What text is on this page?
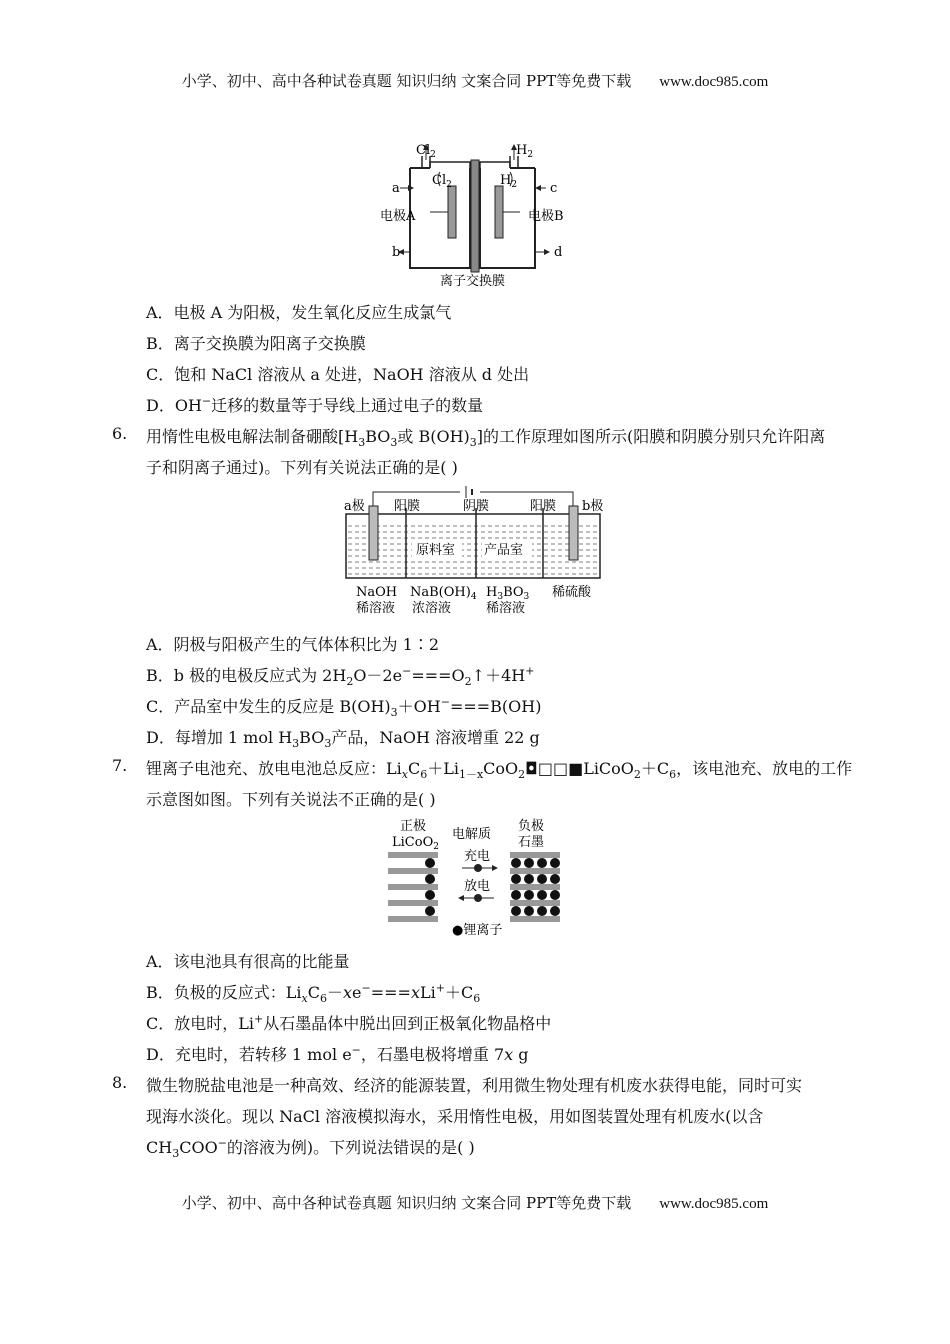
小学、初中、高中各种试卷真题 知识归纳 文案合同 PPT等免费下载 www.doc985.com
$Cl_2$	$H_2$
$Cl_2$	$H_2$
a	c
b	d
电极A	电极B
离子交换膜
A．电极 A 为阳极，发生氧化反应生成氯气
B．离子交换膜为阳离子交换膜
C．饱和 NaCl 溶液从 a 处进，NaOH 溶液从 d 处出
D．OH−迁移的数量等于导线上通过电子的数量
6. 用惰性电极电解法制备硼酸[$H_3BO_3$或 $B(OH)_3$]的工作原理如图所示(阳膜和阴膜分别只允许阳离
子和阴离子通过)。下列有关说法正确的是( )
a极	b极
阳膜	阴膜	阳膜
原料室 产品室
NaOH
稀溶液
$NaB(OH)_4$
浓溶液
$H_3BO_3$
稀溶液
稀硫酸
A．阴极与阳极产生的气体体积比为 1∶2
B．b 极的电极反应式为 $2H_2O-2e^-===O_2↑+4H^+$
C．产品室中发生的反应是 $B(OH)_3+OH^-===B(OH)$
D．每增加 1 mol $H_3BO_3$产品，NaOH 溶液增重 22 g
7. 锂离子电池充、放电电池总反应：$Li_xC_6+Li_{1-x}CoO_2◘□□■LiCoO_2+C_6$，该电池充、放电的工作
示意图如图。下列有关说法不正确的是( )
正极
LiCoO$_2$
电解质
充电
放电
负极
石墨
●锂离子
A．该电池具有很高的比能量
B．负极的反应式：$Li_xC_6-xe^-===xLi^++C_6$
C．放电时，Li+从石墨晶体中脱出回到正极氧化物晶格中
D．充电时，若转移 1 mol e−，石墨电极将增重 7x g
8. 微生物脱盐电池是一种高效、经济的能源装置，利用微生物处理有机废水获得电能，同时可实
现海水淡化。现以 NaCl 溶液模拟海水，采用惰性电极，用如图装置处理有机废水(以含
$CH_3COO^-$的溶液为例)。下列说法错误的是( )
小学、初中、高中各种试卷真题 知识归纳 文案合同 PPT等免费下载 www.doc985.com
